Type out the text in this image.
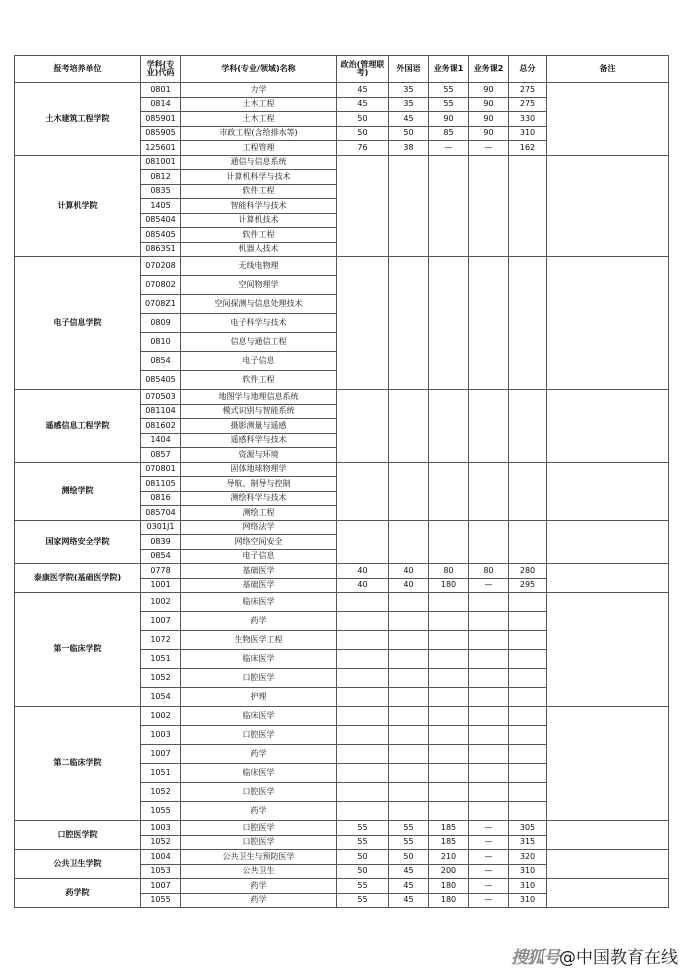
报考培养单位	学科(专业)代码	学科(专业/领域)名称	政治(管理联考)	外国语	业务课1	业务课2	总分	备注
土木建筑工程学院	0801	力学	45	35	55	90	275	
	0814	土木工程	45	35	55	90	275	
	085901	土木工程	50	45	90	90	330	
	085905	市政工程(含给排水等)	50	50	85	90	310	
	125601	工程管理	76	38	—	—	162	
计算机学院	081001	通信与信息系统						
	0812	计算机科学与技术						
	0835	软件工程						
	1405	智能科学与技术						
	085404	计算机技术						
	085405	软件工程						
	0863S1	机器人技术						
电子信息学院	070208	无线电物理						
	070802	空间物理学						
	0708Z1	空间探测与信息处理技术						
	0809	电子科学与技术						
	0810	信息与通信工程						
	0854	电子信息						
	085405	软件工程						
遥感信息工程学院	070503	地图学与地理信息系统						
	081104	模式识别与智能系统						
	081602	摄影测量与遥感						
	1404	遥感科学与技术						
	0857	资源与环境						
测绘学院	070801	固体地球物理学						
	081105	导航、制导与控制						
	0816	测绘科学与技术						
	085704	测绘工程						
国家网络安全学院	0301J1	网络法学						
	0839	网络空间安全						
	0854	电子信息						
泰康医学院(基础医学院)	0778	基础医学	40	40	80	80	280	
	1001	基础医学	40	40	180	—	295	
第一临床学院	1002	临床医学						
	1007	药学						
	1072	生物医学工程						
	1051	临床医学						
	1052	口腔医学						
	1054	护理						
第二临床学院	1002	临床医学						
	1003	口腔医学						
	1007	药学						
	1051	临床医学						
	1052	口腔医学						
	1055	药学						
口腔医学院	1003	口腔医学	55	55	185	—	305	
	1052	口腔医学	55	55	185	—	315	
公共卫生学院	1004	公共卫生与预防医学	50	50	210	—	320	
	1053	公共卫生	50	45	200	—	310	
药学院	1007	药学	55	45	180	—	310	
	1055	药学	55	45	180	—	310	
搜狐号@中国教育在线
